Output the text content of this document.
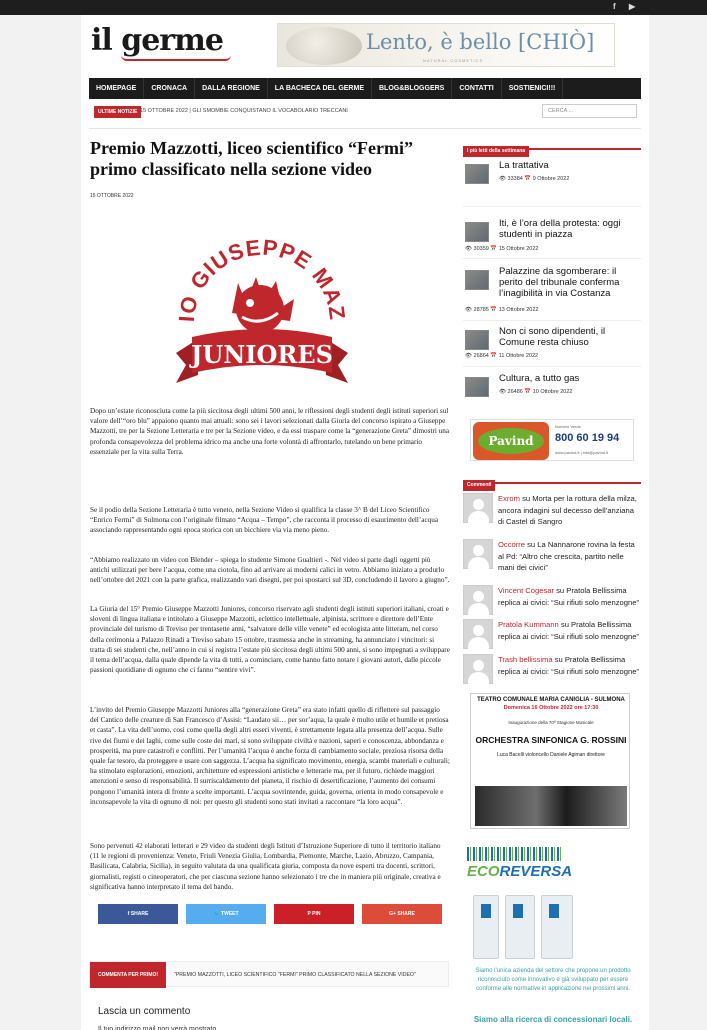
f ▶
il germe	Lento, è bello [CHIÒ]
NATURAL COSMETICS
HOMEPAGE	CRONACA	DALLA REGIONE	LA BACHECA DEL GERME	BLOG&BLOGGERS	CONTATTI	SOSTIENICI!!!
ULTIME NOTIZIE 15 OTTOBRE 2022 | GLI SMOMBIE CONQUISTANO IL VOCABOLARIO TRECCANI	CERCA ...
Premio Mazzotti, liceo scientifico “Fermi” primo classificato nella sezione video
15 OTTOBRE 2022
IO GIUSEPPE MAZ
JUNIORES

Dopo un’estate riconosciuta come la più siccitosa degli ultimi 500 anni, le riflessioni degli studenti degli istituti superiori sul valore dell’“oro blu” appaiono quanto mai attuali: sono sei i lavori selezionati dalla Giuria del concorso ispirato a Giuseppe Mazzotti, tre per la Sezione Letteraria e tre per la Sezione video, e da essi traspare come la “generazione Greta” dimostri una profonda consapevolezza del problema idrico ma anche una forte volontà di affrontarlo, tutelando un bene primario essenziale per la vita sulla Terra.

Se il podio della Sezione Letteraria è tutto veneto, nella Sezione Video si qualifica la classe 3^ B del Liceo Scientifico “Enrico Fermi” di Sulmona con l’originale filmato “Acqua – Tempo”, che racconta il processo di esaurimento dell’acqua associando rappresentando ogni epoca storica con un bicchiere via via meno pieno.

“Abbiamo realizzato un video con Blender – spiega lo studente Simone Gualtieri -. Nel video si parte dagli oggetti più antichi utilizzati per bere l’acqua, come una ciotola, fino ad arrivare ai moderni calici in vetro. Abbiamo iniziato a produrlo nell’ottobre del 2021 con la parte grafica, realizzando vari disegni, per poi spostarci sul 3D, concludendo il lavoro a giugno”.

La Giuria del 15° Premio Giuseppe Mazzotti Juniores, concorso riservato agli studenti degli istituti superiori italiani, croati e sloveni di lingua italiana e intitolato a Giuseppe Mazzotti, eclettico intellettuale, alpinista, scrittore e direttore dell’Ente provinciale del turismo di Treviso per trentasette anni, “salvatore delle ville venete” ed ecologista ante litteram, nel corso della cerimonia a Palazzo Rinadi a Treviso sabato 15 ottobre, trasmessa anche in streaming, ha annunciato i vincitori: si tratta di sei studenti che, nell’anno in cui si registra l’estate più siccitosa degli ultimi 500 anni, si sono impegnati a sviluppare il tema dell’acqua, dalla quale dipende la vita di tutti, a cominciare, come hanno fatto notare i giovani autori, dalle piccole passioni quotidiane di ognuno che ci fanno “sentire vivi”.

L’invito del Premio Giuseppe Mazzotti Juniores alla “generazione Greta” era stato infatti quello di riflettere sul passaggio del Cantico delle creature di San Francesco d’Assisi: “Laudato sii… per sor’aqua, la quale è multo utile et humile et pretiosa et casta”. La vita dell’uomo, così come quella degli altri esseri viventi, è strettamente legata alla presenza dell’acqua. Sulle rive dei fiumi e dei laghi, come sulle coste dei mari, si sono sviluppate civiltà e nazioni, saperi e conoscenza, abbondanza e prosperità, ma pure catastrofi e conflitti. Per l’umanità l’acqua è anche forza di cambiamento sociale, preziosa risorsa della quale far tesoro, da proteggere e usare con saggezza. L’acqua ha significato movimento, energia, scambi materiali e culturali; ha stimolato esplorazioni, emozioni, architetture ed espressioni artistiche e letterarie ma, per il futuro, richiede maggiori attenzioni e senso di responsabilità. Il surriscaldamento del pianeta, il rischio di desertificazione, l’aumento dei consumi pongono l’umanità intera di fronte a scelte importanti. L’acqua sovrintende, guida, governa, orienta in modo consapevole e inconsapevole la vita di ognuno di noi: per questo gli studenti sono stati invitati a raccontare “la loro acqua”.

Sono pervenuti 42 elaborati letterari e 29 video da studenti degli Istituti d’Istruzione Superiore di tutto il territorio italiano (11 le regioni di provenienza: Veneto, Friuli Venezia Giulia, Lombardia, Piemonte, Marche, Lazio, Abruzzo, Campania, Basilicata, Calabria, Sicilia), in seguito valutata da una qualificata giuria, composta da nove esperti tra docenti, scrittori, giornalisti, registi o cineoperatori, che per ciascuna sezione hanno selezionato i tre che in maniera più originale, creativa e significativa hanno interpretato il tema del bando.

f SHARE	🐦 TWEET	P PIN	G+ SHARE
COMMENTA PER PRIMO!	"PREMIO MAZZOTTI, LICEO SCIENTIFICO "FERMI" PRIMO CLASSIFICATO NELLA SEZIONE VIDEO"
Lascia un commento
Il tuo indirizzo mail non verrà mostrato.
I più letti della settimana
La trattativa
👁 33384 📅 9 Ottobre 2022
Iti, è l’ora della protesta: oggi studenti in piazza
👁 30359 📅 15 Ottobre 2022
Palazzine da sgomberare: il perito del tribunale conferma l’inagibilità in via Costanza
👁 28785 📅 13 Ottobre 2022
Non ci sono dipendenti, il Comune resta chiuso
👁 26864 📅 11 Ottobre 2022
Cultura, a tutto gas
👁 26486 📅 10 Ottobre 2022
Pavind
Numero Verde
800 60 19 94
www.pavind.it | info@pavind.it
Commenti
Exrom su Morta per la rottura della milza, ancora indagini sul decesso dell’anziana di Castel di Sangro
Occorre su La Nannarone rovina la festa al Pd: “Altro che crescita, partito nelle mani dei civici”
Vincent Cogesar su Pratola Bellissima replica ai civici: “Sui rifiuti solo menzogne”
Pratola Kummann su Pratola Bellissima replica ai civici: “Sui rifiuti solo menzogne”
Trash bellissima su Pratola Bellissima replica ai civici: “Sui rifiuti solo menzogne”
TEATRO COMUNALE MARIA CANIGLIA - SULMONA
Domenica 16 Ottobre 2022 ore 17:30
Inaugurazione della 70ª Stagione Musicale
ORCHESTRA SINFONICA G. ROSSINI
Luca Bacelli violoncello Daniele Agiman direttore
ECOREVERSA
Siamo l’unica azienda del settore che propone un prodotto riconosciuto come innovativo e già sviluppato per essere conforme alle normative in applicazione nei prossimi anni.
Siamo alla ricerca di concessionari locali.
